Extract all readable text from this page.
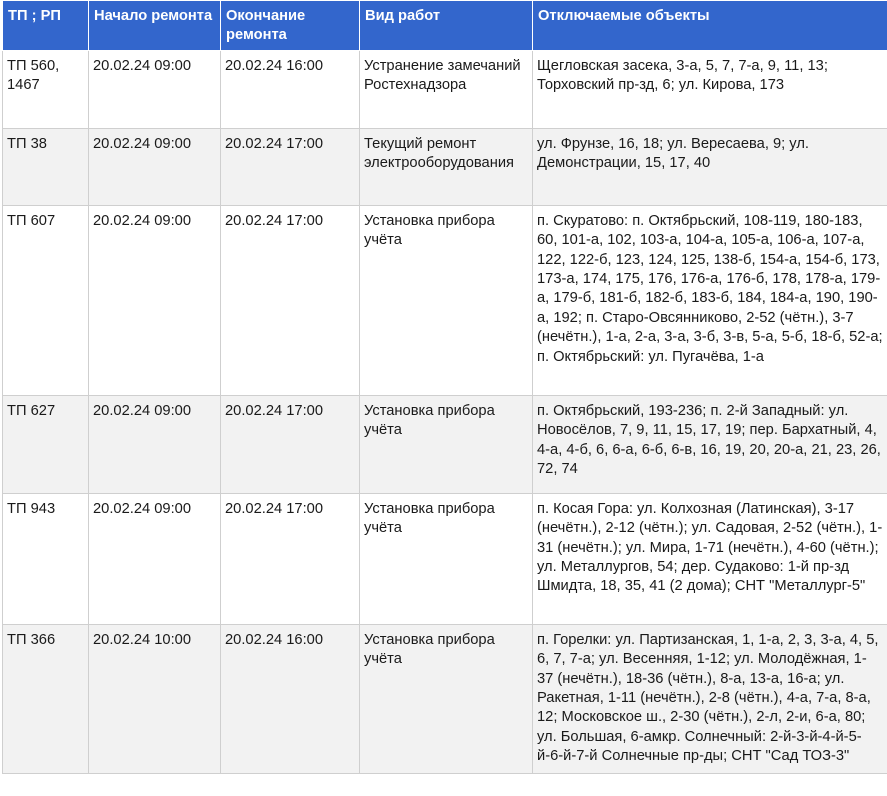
ТП ; РП	Начало ремонта	Окончание ремонта	Вид работ	Отключаемые объекты
ТП 560, 1467	20.02.24 09:00	20.02.24 16:00	Устранение замечаний Ростехнадзора	Щегловская засека, 3-а, 5, 7, 7-а, 9, 11, 13; Торховский пр-зд, 6; ул. Кирова, 173
ТП 38	20.02.24 09:00	20.02.24 17:00	Текущий ремонт электрооборудования	ул. Фрунзе, 16, 18; ул. Вересаева, 9; ул. Демонстрации, 15, 17, 40
ТП 607	20.02.24 09:00	20.02.24 17:00	Установка прибора учёта	п. Скуратово: п. Октябрьский, 108-119, 180-183, 60, 101-а, 102, 103-а, 104-а, 105-а, 106-а, 107-а, 122, 122-б, 123, 124, 125, 138-б, 154-а, 154-б, 173, 173-а, 174, 175, 176, 176-а, 176-б, 178, 178-а, 179-а, 179-б, 181-б, 182-б, 183-б, 184, 184-а, 190, 190-а, 192; п. Старо-Овсянниково, 2-52 (чётн.), 3-7 (нечётн.), 1-а, 2-а, 3-а, 3-б, 3-в, 5-а, 5-б, 18-б, 52-а; п. Октябрьский: ул. Пугачёва, 1-а
ТП 627	20.02.24 09:00	20.02.24 17:00	Установка прибора учёта	п. Октябрьский, 193-236; п. 2-й Западный: ул. Новосёлов, 7, 9, 11, 15, 17, 19; пер. Бархатный, 4, 4-а, 4-б, 6, 6-а, 6-б, 6-в, 16, 19, 20, 20-а, 21, 23, 26, 72, 74
ТП 943	20.02.24 09:00	20.02.24 17:00	Установка прибора учёта	п. Косая Гора: ул. Колхозная (Латинская), 3-17 (нечётн.), 2-12 (чётн.); ул. Садовая, 2-52 (чётн.), 1-31 (нечётн.); ул. Мира, 1-71 (нечётн.), 4-60 (чётн.); ул. Металлургов, 54; дер. Судаково: 1-й пр-зд Шмидта, 18, 35, 41 (2 дома); СНТ "Металлург-5"
ТП 366	20.02.24 10:00	20.02.24 16:00	Установка прибора учёта	п. Горелки: ул. Партизанская, 1, 1-а, 2, 3, 3-а, 4, 5, 6, 7, 7-а; ул. Весенняя, 1-12; ул. Молодёжная, 1-37 (нечётн.), 18-36 (чётн.), 8-а, 13-а, 16-а; ул. Ракетная, 1-11 (нечётн.), 2-8 (чётн.), 4-а, 7-а, 8-а, 12; Московское ш., 2-30 (чётн.), 2-л, 2-и, 6-а, 80; ул. Большая, 6-амкр. Солнечный: 2-й-3-й-4-й-5-й-6-й-7-й Солнечные пр-ды; СНТ "Сад ТОЗ-3"
